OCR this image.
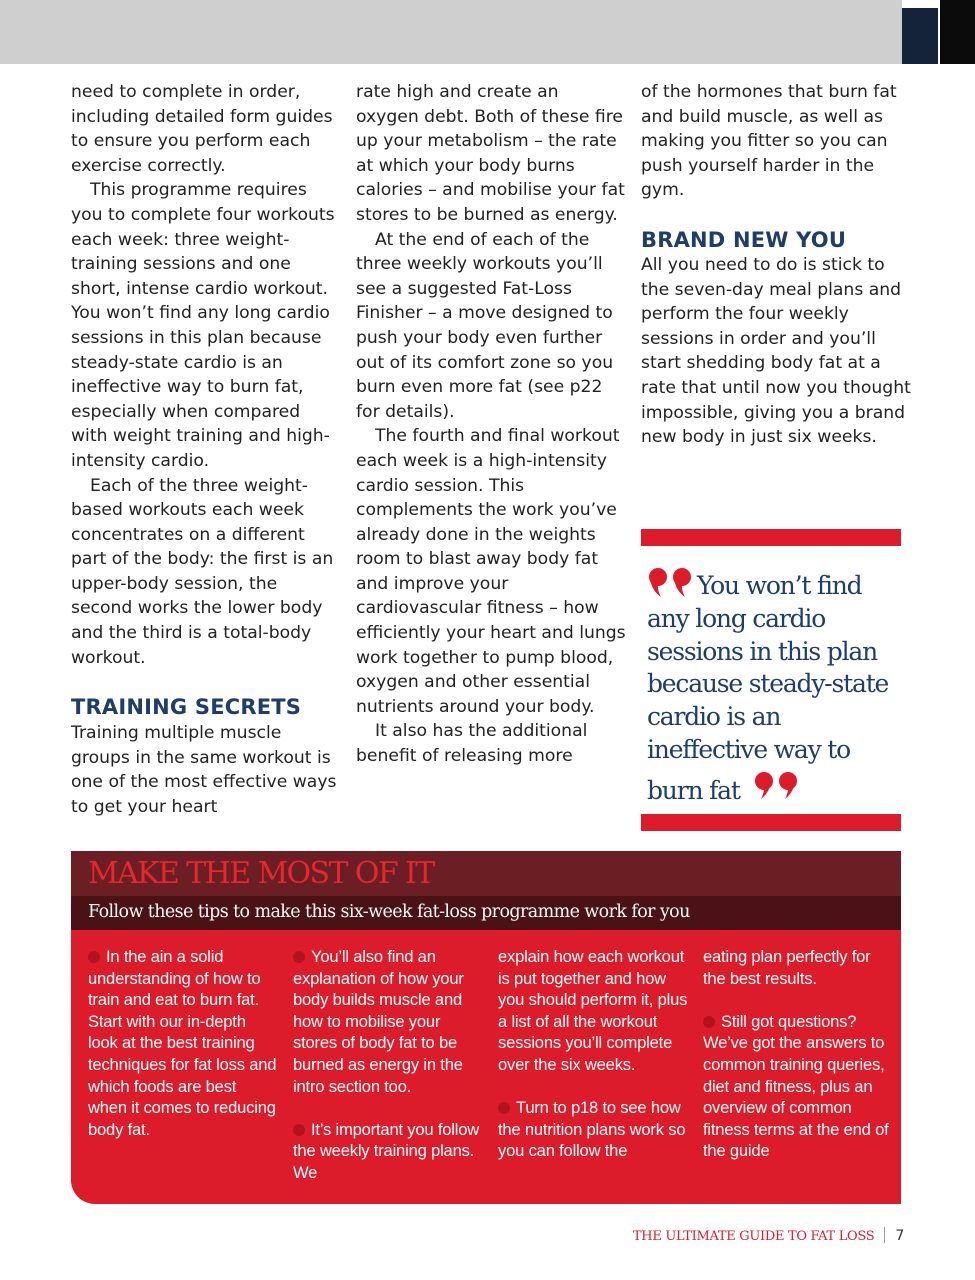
need to complete in order, including detailed form guides to ensure you perform each exercise correctly.

This programme requires you to complete four workouts each week: three weight-training sessions and one short, intense cardio workout. You won’t find any long cardio sessions in this plan because steady-state cardio is an ineffective way to burn fat, especially when compared with weight training and high-intensity cardio.

Each of the three weight-based workouts each week concentrates on a different part of the body: the first is an upper-body session, the second works the lower body and the third is a total-body workout.

TRAINING SECRETS

Training multiple muscle groups in the same workout is one of the most effective ways to get your heart

rate high and create an oxygen debt. Both of these fire up your metabolism – the rate at which your body burns calories – and mobilise your fat stores to be burned as energy.

At the end of each of the three weekly workouts you’ll see a suggested Fat-Loss Finisher – a move designed to push your body even further out of its comfort zone so you burn even more fat (see p22 for details).

The fourth and final workout each week is a high-intensity cardio session. This complements the work you’ve already done in the weights room to blast away body fat and improve your cardiovascular fitness – how efficiently your heart and lungs work together to pump blood, oxygen and other essential nutrients around your body.

It also has the additional benefit of releasing more

of the hormones that burn fat and build muscle, as well as making you fitter so you can push yourself harder in the gym.

BRAND NEW YOU

All you need to do is stick to the seven-day meal plans and perform the four weekly sessions in order and you’ll start shedding body fat at a rate that until now you thought impossible, giving you a brand new body in just six weeks.

You won’t find any long cardio sessions in this plan because steady-state cardio is an ineffective way to burn fat
MAKE THE MOST OF IT
Follow these tips to make this six-week fat-loss programme work for you

In the ain a solid understanding of how to train and eat to burn fat. Start with our in-depth look at the best training techniques for fat loss and which foods are best when it comes to reducing body fat.

You’ll also find an explanation of how your body builds muscle and how to mobilise your stores of body fat to be burned as energy in the intro section too.

It’s important you follow the weekly training plans. We

explain how each workout is put together and how you should perform it, plus a list of all the workout sessions you’ll complete over the six weeks.

Turn to p18 to see how the nutrition plans work so you can follow the

eating plan perfectly for the best results.

Still got questions? We’ve got the answers to common training queries, diet and fitness, plus an overview of common fitness terms at the end of the guide

THE ULTIMATE GUIDE TO FAT LOSS 7
